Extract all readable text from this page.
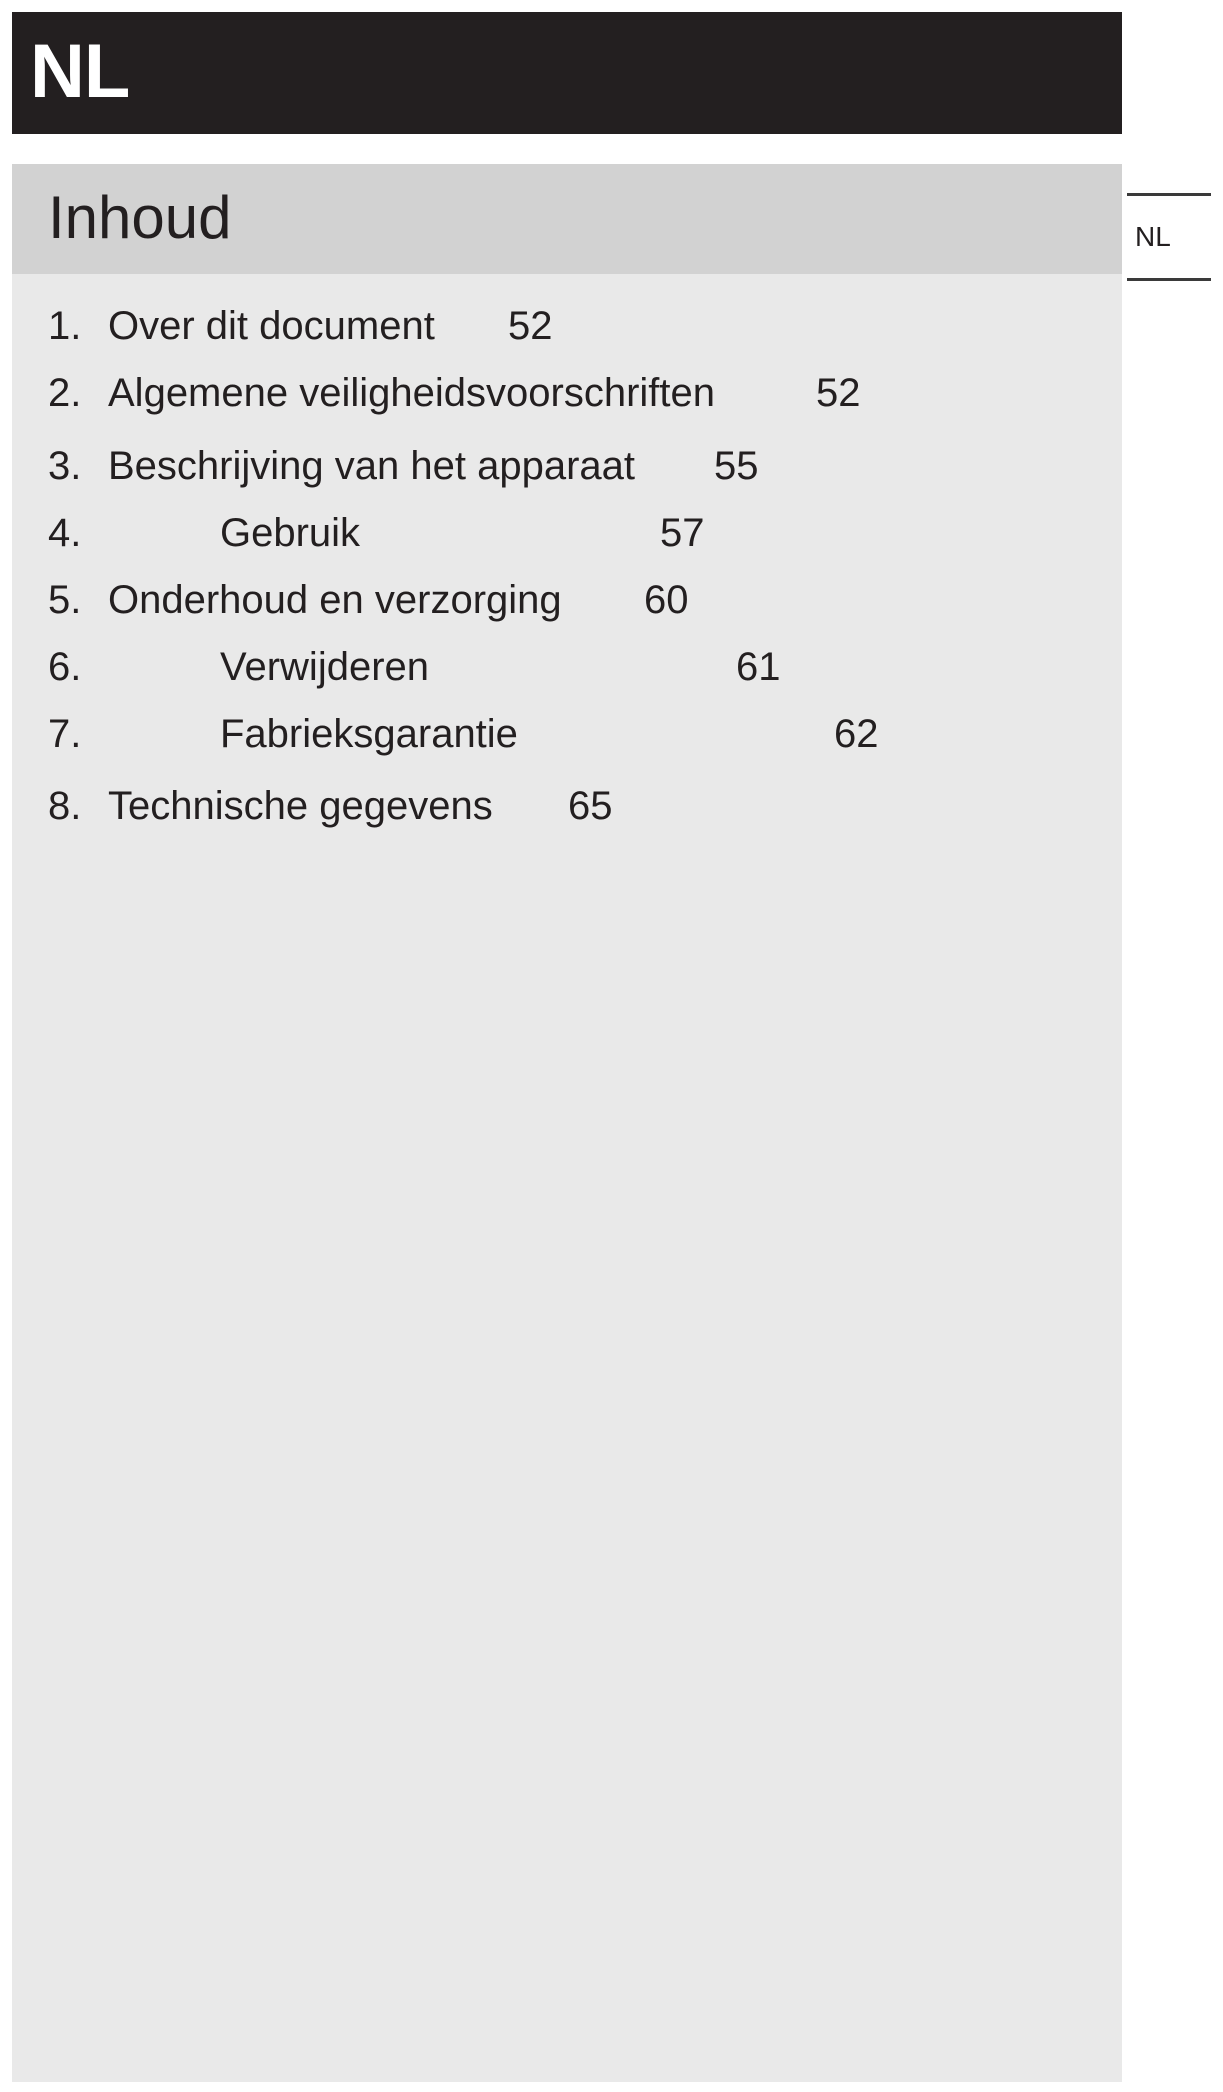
NL
Inhoud
1. Over dit document 52
2. Algemene veiligheidsvoorschriften	52
3. Beschrijving van het apparaat 55
4.	Gebruik	57
5. Onderhoud en verzorging 60
6.	Verwijderen	61
7.	Fabrieksgarantie	62
8. Technische gegevens 65
NL
